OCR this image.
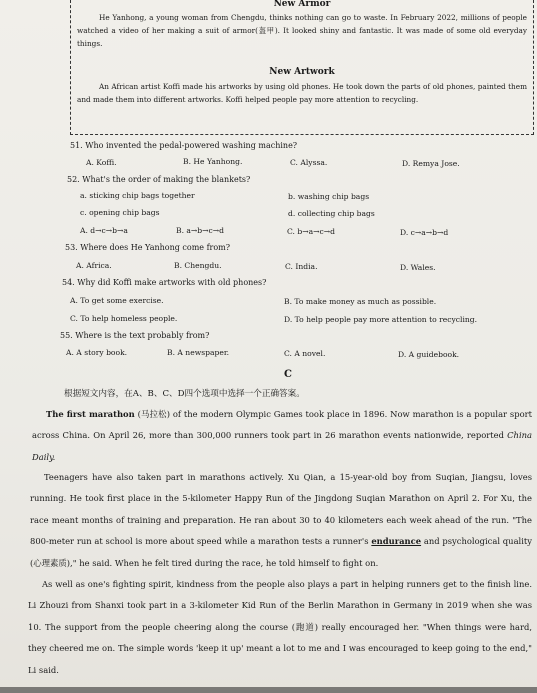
New Armor
He Yanhong, a young woman from Chengdu, thinks nothing can go to waste. In February 2022, millions of people watched a video of her making a suit of armor(盔甲). It looked shiny and fantastic. It was made of some old everyday things.
New Artwork
An African artist Koffi made his artworks by using old phones. He took down the parts of old phones, painted them and made them into different artworks. Koffi helped people pay more attention to recycling.
51. Who invented the pedal-powered washing machine?
A. Koffi.	B. He Yanhong.	C. Alyssa.	D. Remya Jose.
52. What's the order of making the blankets?
a. sticking chip bags together	b. washing chip bags
c. opening chip bags	d. collecting chip bags
A. d→c→b→a	B. a→b→c→d	C. b→a→c→d	D. c→a→b→d
53. Where does He Yanhong come from?
A. Africa.	B. Chengdu.	C. India.	D. Wales.
54. Why did Koffi make artworks with old phones?
A. To get some exercise.	B. To make money as much as possible.
C. To help homeless people.	D. To help people pay more attention to recycling.
55. Where is the text probably from?
A. A story book.	B. A newspaper.	C. A novel.	D. A guidebook.
C
根据短文内容，在A、B、C、D四个选项中选择一个正确答案。
The first marathon (马拉松) of the modern Olympic Games took place in 1896. Now marathon is a popular sport across China. On April 26, more than 300,000 runners took part in 26 marathon events nationwide, reported China Daily.
Teenagers have also taken part in marathons actively. Xu Qian, a 15-year-old boy from Suqian, Jiangsu, loves running. He took first place in the 5-kilometer Happy Run of the Jingdong Suqian Marathon on April 2. For Xu, the race meant months of training and preparation. He ran about 30 to 40 kilometers each week ahead of the run. "The 800-meter run at school is more about speed while a marathon tests a runner's endurance and psychological quality (心理素质)," he said. When he felt tired during the race, he told himself to fight on.
As well as one's fighting spirit, kindness from the people also plays a part in helping runners get to the finish line. Li Zhouzi from Shanxi took part in a 3-kilometer Kid Run of the Berlin Marathon in Germany in 2019 when she was 10. The support from the people cheering along the course (跑道) really encouraged her. "When things were hard, they cheered me on. The simple words 'keep it up' meant a lot to me and I was encouraged to keep going to the end," Li said.
